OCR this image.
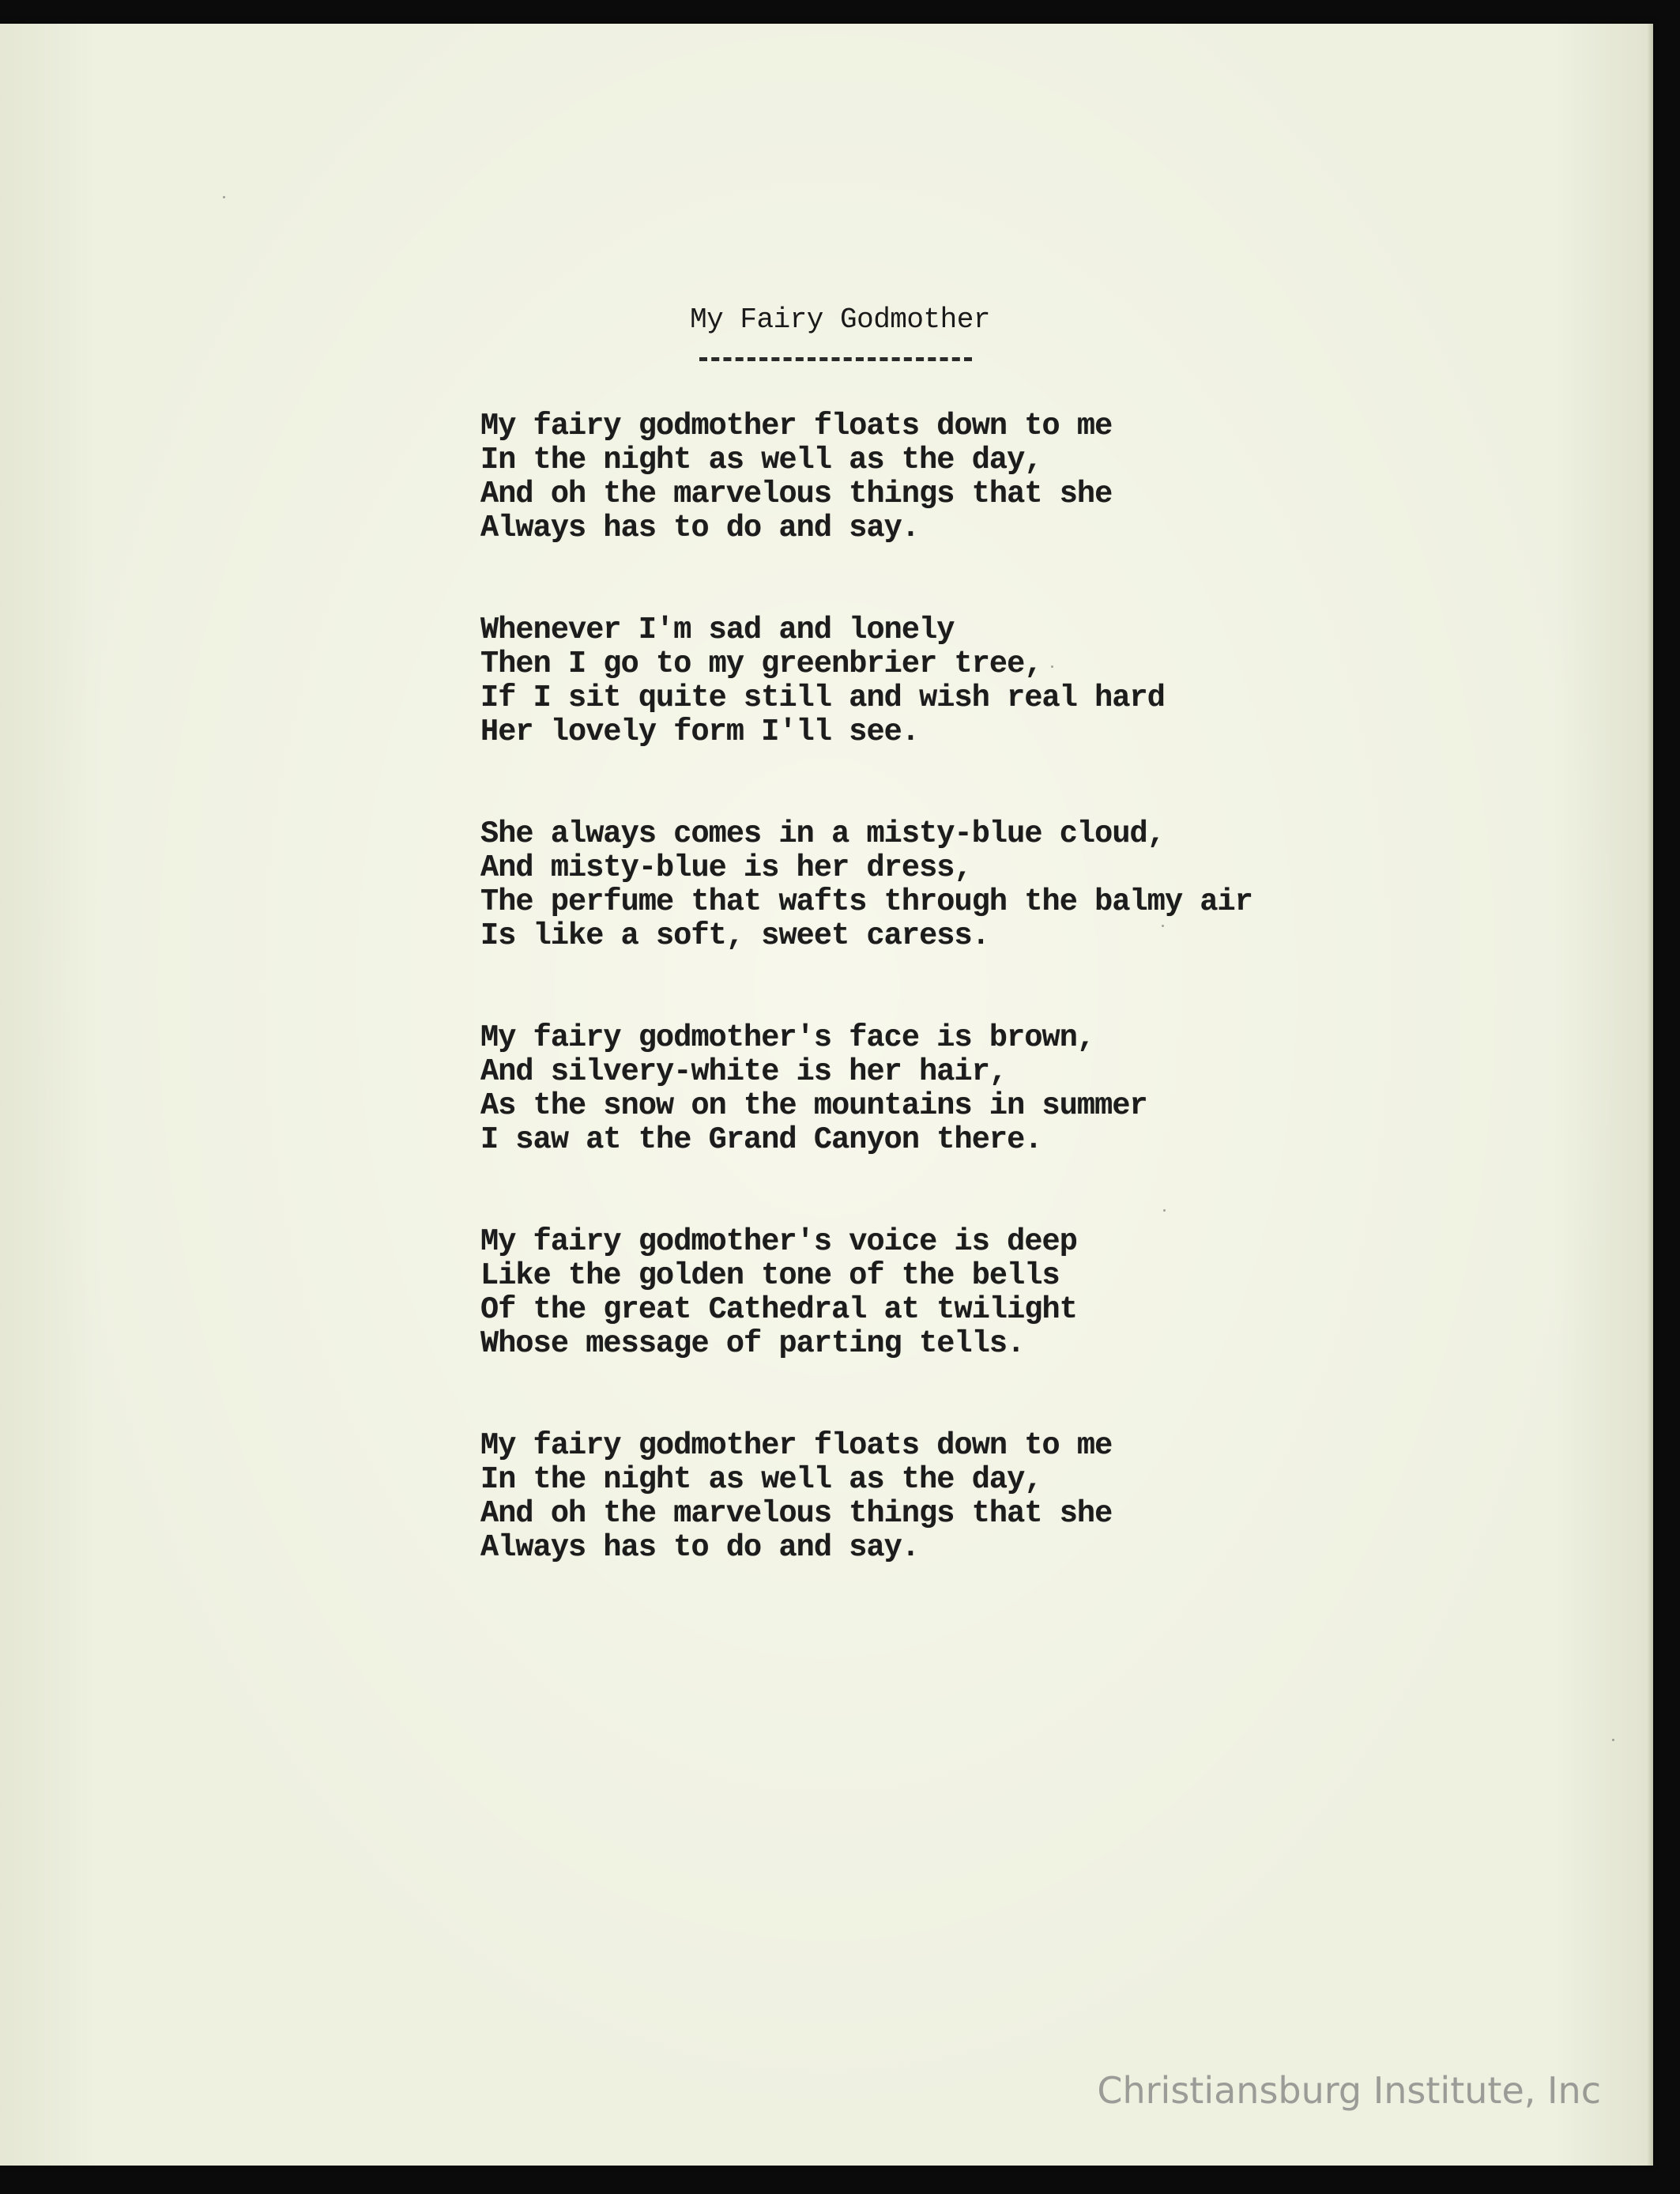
My Fairy Godmother
My fairy godmother floats down to me
In the night as well as the day,
And oh the marvelous things that she
Always has to do and say.
Whenever I'm sad and lonely
Then I go to my greenbrier tree,
If I sit quite still and wish real hard
Her lovely form I'll see.
She always comes in a misty-blue cloud,
And misty-blue is her dress,
The perfume that wafts through the balmy air
Is like a soft, sweet caress.
My fairy godmother's face is brown,
And silvery-white is her hair,
As the snow on the mountains in summer
I saw at the Grand Canyon there.
My fairy godmother's voice is deep
Like the golden tone of the bells
Of the great Cathedral at twilight
Whose message of parting tells.
My fairy godmother floats down to me
In the night as well as the day,
And oh the marvelous things that she
Always has to do and say.
Christiansburg Institute, Inc
